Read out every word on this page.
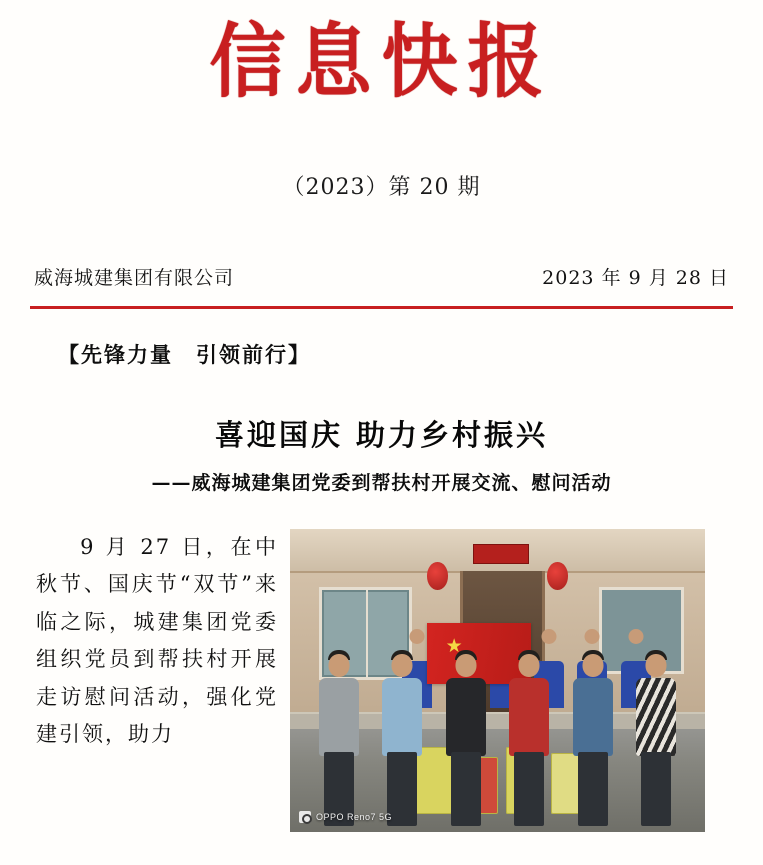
信息快报
（2023）第 20 期
威海城建集团有限公司	2023 年 9 月 28 日
【先锋力量　引领前行】
喜迎国庆 助力乡村振兴
——威海城建集团党委到帮扶村开展交流、慰问活动
9 月 27 日，在中秋节、国庆节“双节”来临之际，城建集团党委组织党员到帮扶村开展走访慰问活动，强化党建引领，助力
★
OPPO Reno7 5G
